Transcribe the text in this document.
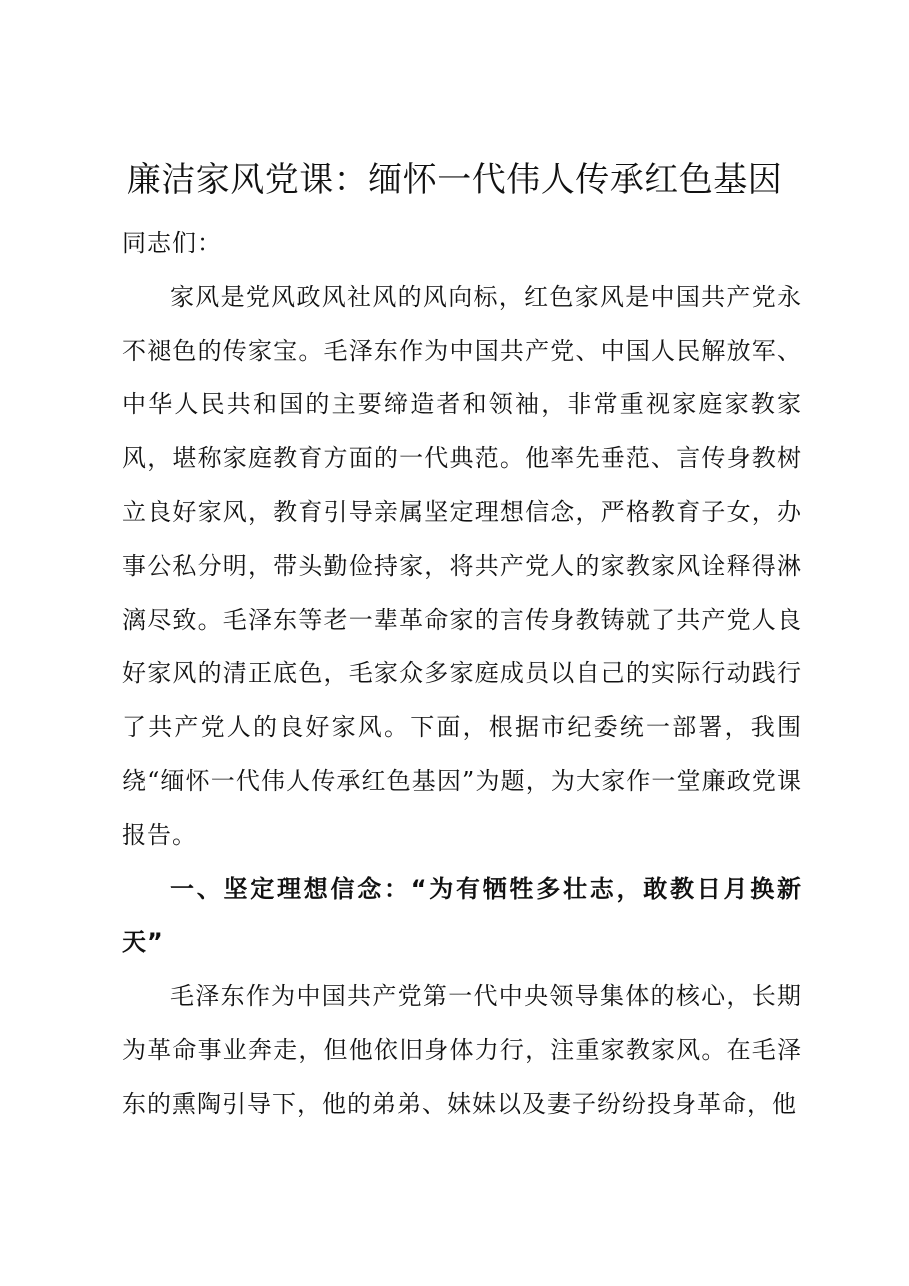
廉洁家风党课：缅怀一代伟人传承红色基因

同志们：

家风是党风政风社风的风向标，红色家风是中国共产党永不褪色的传家宝。毛泽东作为中国共产党、中国人民解放军、中华人民共和国的主要缔造者和领袖，非常重视家庭家教家风，堪称家庭教育方面的一代典范。他率先垂范、言传身教树立良好家风，教育引导亲属坚定理想信念，严格教育子女，办事公私分明，带头勤俭持家，将共产党人的家教家风诠释得淋漓尽致。毛泽东等老一辈革命家的言传身教铸就了共产党人良好家风的清正底色，毛家众多家庭成员以自己的实际行动践行了共产党人的良好家风。下面，根据市纪委统一部署，我围绕“缅怀一代伟人传承红色基因”为题，为大家作一堂廉政党课报告。

一、坚定理想信念：“为有牺牲多壮志，敢教日月换新天”

毛泽东作为中国共产党第一代中央领导集体的核心，长期为革命事业奔走，但他依旧身体力行，注重家教家风。在毛泽东的熏陶引导下，他的弟弟、妹妹以及妻子纷纷投身革命，他
